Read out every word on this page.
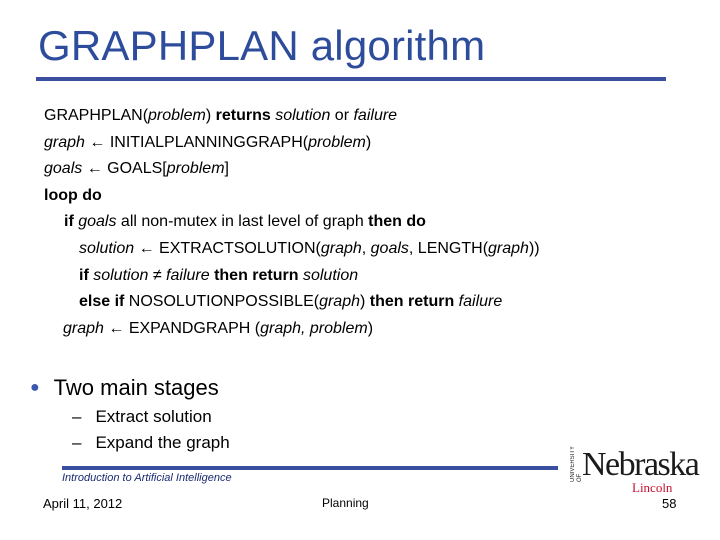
GRAPHPLAN algorithm
GRAPHPLAN(problem) returns solution or failure
graph ← INITIALPLANNINGGRAPH(problem)
goals ← GOALS[problem]
loop do
if goals all non-mutex in last level of graph then do
solution ← EXTRACTSOLUTION(graph, goals, LENGTH(graph))
if solution ≠ failure then return solution
else if NOSOLUTIONPOSSIBLE(graph) then return failure
graph ← EXPANDGRAPH (graph, problem)
● Two main stages
– Extract solution
– Expand the graph
Introduction to Artificial Intelligence
April 11, 2012	Planning	58
UNIVERSITY OF Nebraska
Lincoln
